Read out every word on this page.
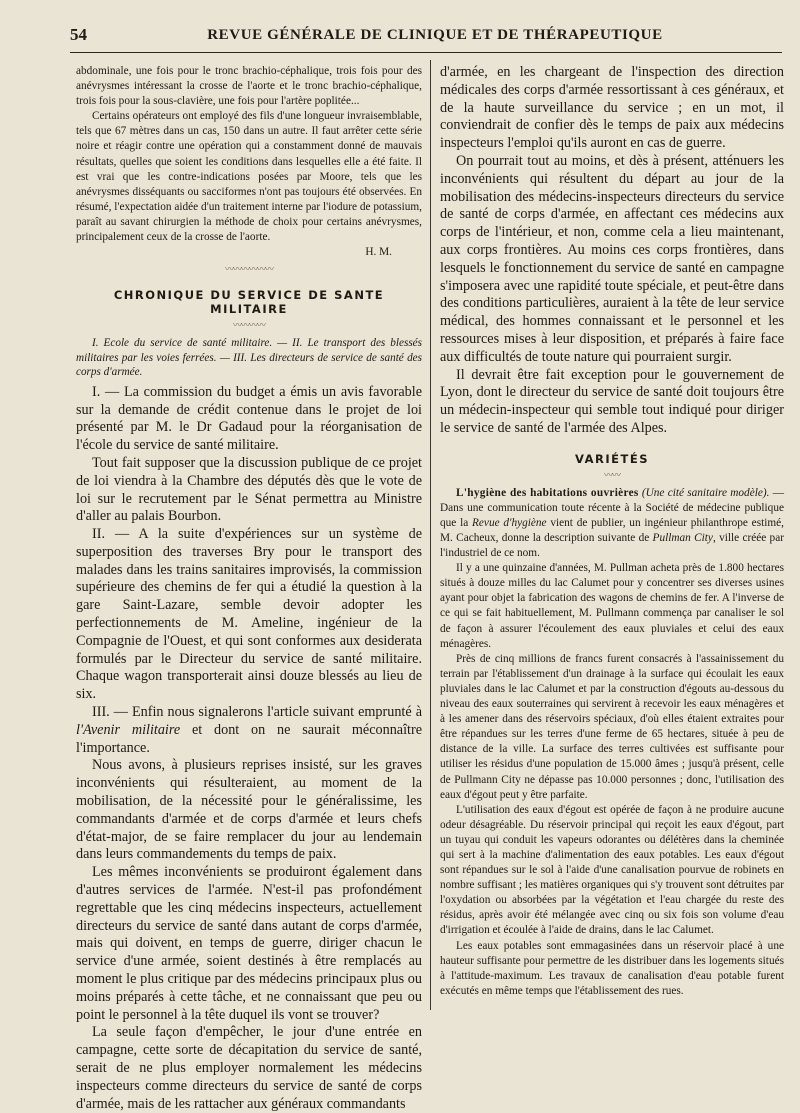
54	REVUE GÉNÉRALE DE CLINIQUE ET DE THÉRAPEUTIQUE

abdominale, une fois pour le tronc brachio-céphalique, trois fois pour des anévrysmes intéressant la crosse de l'aorte et le tronc brachio-céphalique, trois fois pour la sous-clavière, une fois pour l'artère poplitée...

Certains opérateurs ont employé des fils d'une longueur invraisemblable, tels que 67 mètres dans un cas, 150 dans un autre. Il faut arrêter cette série noire et réagir contre une opération qui a constamment donné de mauvais résultats, quelles que soient les conditions dans lesquelles elle a été faite. Il est vrai que les contre-indications posées par Moore, tels que les anévrysmes disséquants ou sacciformes n'ont pas toujours été observées. En résumé, l'expectation aidée d'un traitement interne par l'iodure de potassium, paraît au savant chirurgien la méthode de choix pour certains anévrysmes, principalement ceux de la crosse de l'aorte.

H. M.

〰〰〰〰〰〰
CHRONIQUE DU SERVICE DE SANTE MILITAIRE
〰〰〰〰

I. Ecole du service de santé militaire. — II. Le transport des blessés militaires par les voies ferrées. — III. Les directeurs de service de santé des corps d'armée.

I. — La commission du budget a émis un avis favorable sur la demande de crédit contenue dans le projet de loi présenté par M. le Dr Gadaud pour la réorganisation de l'école du service de santé militaire.

Tout fait supposer que la discussion publique de ce projet de loi viendra à la Chambre des députés dès que le vote de loi sur le recrutement par le Sénat permettra au Ministre d'aller au palais Bourbon.

II. — A la suite d'expériences sur un système de superposition des traverses Bry pour le transport des malades dans les trains sanitaires improvisés, la commission supérieure des chemins de fer qui a étudié la question à la gare Saint-Lazare, semble devoir adopter les perfectionnements de M. Ameline, ingénieur de la Compagnie de l'Ouest, et qui sont conformes aux desiderata formulés par le Directeur du service de santé militaire. Chaque wagon transporterait ainsi douze blessés au lieu de six.

III. — Enfin nous signalerons l'article suivant emprunté à l'Avenir militaire et dont on ne saurait méconnaître l'importance.

Nous avons, à plusieurs reprises insisté, sur les graves inconvénients qui résulteraient, au moment de la mobilisation, de la nécessité pour le généralissime, les commandants d'armée et de corps d'armée et leurs chefs d'état-major, de se faire remplacer du jour au lendemain dans leurs commandements du temps de paix.

Les mêmes inconvénients se produiront également dans d'autres services de l'armée. N'est-il pas profondément regrettable que les cinq médecins inspecteurs, actuellement directeurs du service de santé dans autant de corps d'armée, mais qui doivent, en temps de guerre, diriger chacun le service d'une armée, soient destinés à être remplacés au moment le plus critique par des médecins principaux plus ou moins préparés à cette tâche, et ne connaissant que peu ou point le personnel à la tête duquel ils vont se trouver?

La seule façon d'empêcher, le jour d'une entrée en campagne, cette sorte de décapitation du service de santé, serait de ne plus employer normalement les médecins inspecteurs comme directeurs du service de santé de corps d'armée, mais de les rattacher aux généraux commandants

d'armée, en les chargeant de l'inspection des direction médicales des corps d'armée ressortissant à ces généraux, et de la haute surveillance du service ; en un mot, il conviendrait de confier dès le temps de paix aux médecins inspecteurs l'emploi qu'ils auront en cas de guerre.

On pourrait tout au moins, et dès à présent, atténuers les inconvénients qui résultent du départ au jour de la mobilisation des médecins-inspecteurs directeurs du service de santé de corps d'armée, en affectant ces médecins aux corps de l'intérieur, et non, comme cela a lieu maintenant, aux corps frontières. Au moins ces corps frontières, dans lesquels le fonctionnement du service de santé en campagne s'imposera avec une rapidité toute spéciale, et peut-être dans des conditions particulières, auraient à la tête de leur service médical, des hommes connaissant et le personnel et les ressources mises à leur disposition, et préparés à faire face aux difficultés de toute nature qui pourraient surgir.

Il devrait être fait exception pour le gouvernement de Lyon, dont le directeur du service de santé doit toujours être un médecin-inspecteur qui semble tout indiqué pour diriger le service de santé de l'armée des Alpes.

VARIÉTÉS
〰〰

L'hygiène des habitations ouvrières (Une cité sanitaire modèle). — Dans une communication toute récente à la Société de médecine publique que la Revue d'hygiène vient de publier, un ingénieur philanthrope estimé, M. Cacheux, donne la description suivante de Pullman City, ville créée par l'industriel de ce nom.

Il y a une quinzaine d'années, M. Pullman acheta près de 1.800 hectares situés à douze milles du lac Calumet pour y concentrer ses diverses usines ayant pour objet la fabrication des wagons de chemins de fer. A l'inverse de ce qui se fait habituellement, M. Pullmann commença par canaliser le sol de façon à assurer l'écoulement des eaux pluviales et celui des eaux ménagères.

Près de cinq millions de francs furent consacrés à l'assainissement du terrain par l'établissement d'un drainage à la surface qui écoulait les eaux pluviales dans le lac Calumet et par la construction d'égouts au-dessous du niveau des eaux souterraines qui servirent à recevoir les eaux ménagères et à les amener dans des réservoirs spéciaux, d'où elles étaient extraites pour être répandues sur les terres d'une ferme de 65 hectares, située à peu de distance de la ville. La surface des terres cultivées est suffisante pour utiliser les résidus d'une population de 15.000 âmes ; jusqu'à présent, celle de Pullmann City ne dépasse pas 10.000 personnes ; donc, l'utilisation des eaux d'égout peut y être parfaite.

L'utilisation des eaux d'égout est opérée de façon à ne produire aucune odeur désagréable. Du réservoir principal qui reçoit les eaux d'égout, part un tuyau qui conduit les vapeurs odorantes ou délétères dans la cheminée qui sert à la machine d'alimentation des eaux potables. Les eaux d'égout sont répandues sur le sol à l'aide d'une canalisation pourvue de robinets en nombre suffisant ; les matières organiques qui s'y trouvent sont détruites par l'oxydation ou absorbées par la végétation et l'eau chargée du reste des résidus, après avoir été mélangée avec cinq ou six fois son volume d'eau d'irrigation et écoulée à l'aide de drains, dans le lac Calumet.

Les eaux potables sont emmagasinées dans un réservoir placé à une hauteur suffisante pour permettre de les distribuer dans les logements situés à l'attitude-maximum. Les travaux de canalisation d'eau potable furent exécutés en même temps que l'établissement des rues.
